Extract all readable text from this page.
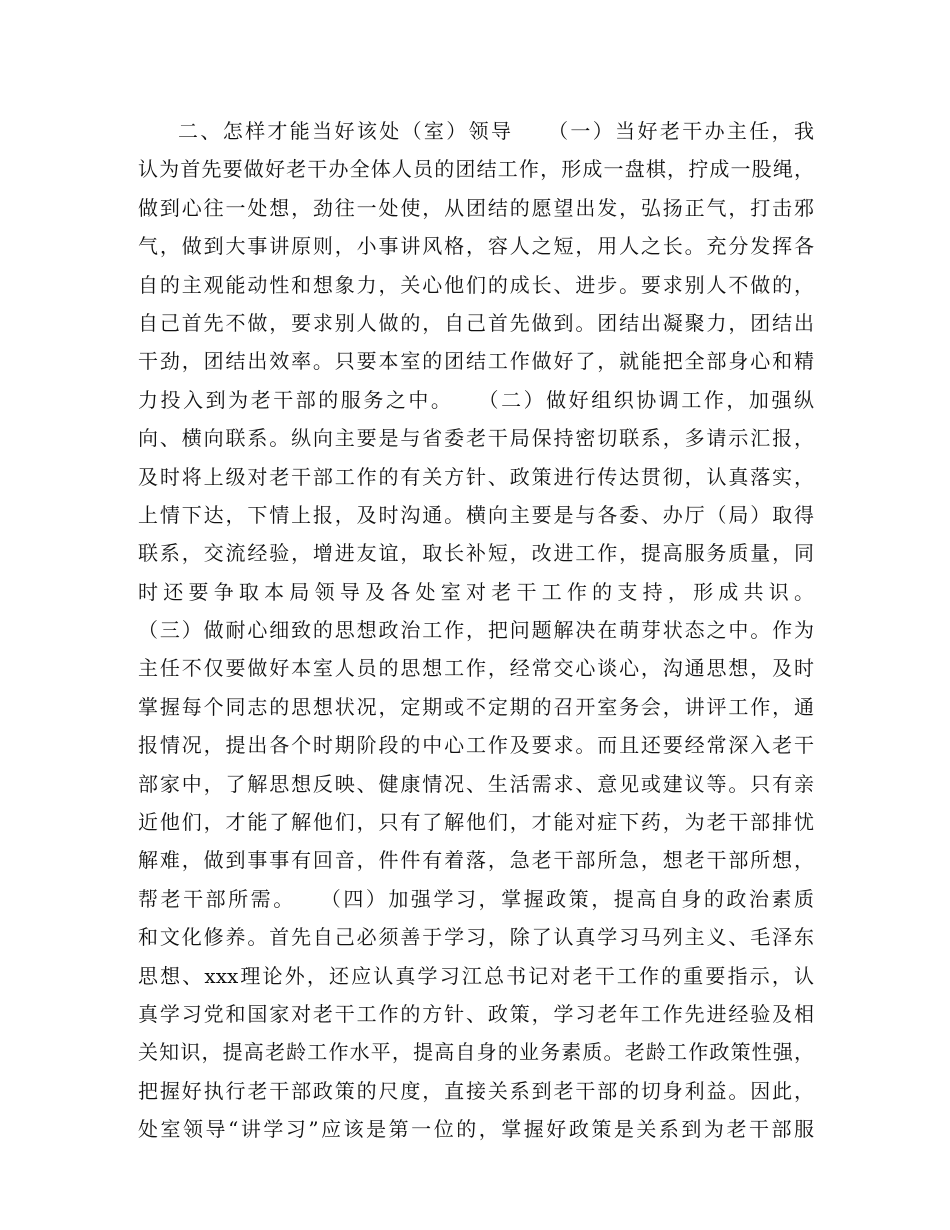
二、怎样才能当好该处（室）领导　　（一）当好老干办主任，我
认为首先要做好老干办全体人员的团结工作，形成一盘棋，拧成一股绳，
做到心往一处想，劲往一处使，从团结的愿望出发，弘扬正气，打击邪
气，做到大事讲原则，小事讲风格，容人之短，用人之长。充分发挥各
自的主观能动性和想象力，关心他们的成长、进步。要求别人不做的，
自己首先不做，要求别人做的，自己首先做到。团结出凝聚力，团结出
干劲，团结出效率。只要本室的团结工作做好了，就能把全部身心和精
力投入到为老干部的服务之中。　　（二）做好组织协调工作，加强纵
向、横向联系。纵向主要是与省委老干局保持密切联系，多请示汇报，
及时将上级对老干部工作的有关方针、政策进行传达贯彻，认真落实，
上情下达，下情上报，及时沟通。横向主要是与各委、办厅（局）取得
联系，交流经验，增进友谊，取长补短，改进工作，提高服务质量，同
时还要争取本局领导及各处室对老干工作的支持，形成共识。
（三）做耐心细致的思想政治工作，把问题解决在萌芽状态之中。作为
主任不仅要做好本室人员的思想工作，经常交心谈心，沟通思想，及时
掌握每个同志的思想状况，定期或不定期的召开室务会，讲评工作，通
报情况，提出各个时期阶段的中心工作及要求。而且还要经常深入老干
部家中，了解思想反映、健康情况、生活需求、意见或建议等。只有亲
近他们，才能了解他们，只有了解他们，才能对症下药，为老干部排忧
解难，做到事事有回音，件件有着落，急老干部所急，想老干部所想，
帮老干部所需。　　（四）加强学习，掌握政策，提高自身的政治素质
和文化修养。首先自己必须善于学习，除了认真学习马列主义、毛泽东
思想、xxx理论外，还应认真学习江总书记对老干工作的重要指示，认
真学习党和国家对老干工作的方针、政策，学习老年工作先进经验及相
关知识，提高老龄工作水平，提高自身的业务素质。老龄工作政策性强，
把握好执行老干部政策的尺度，直接关系到老干部的切身利益。因此，
处室领导“讲学习”应该是第一位的，掌握好政策是关系到为老干部服
